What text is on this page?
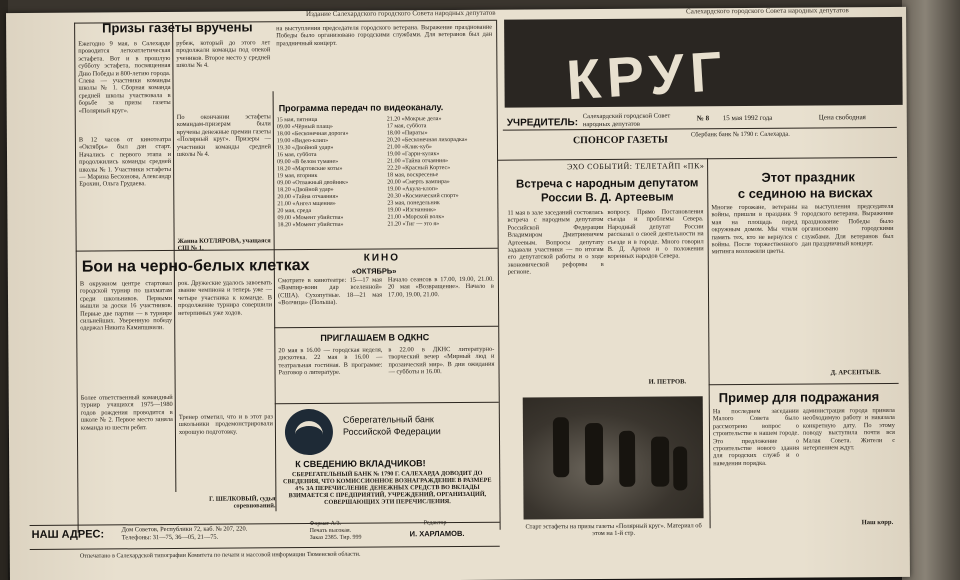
Издание Салехардского городского Совета народных депутатов	Салехардского городского Совета народных депутатов
Призы газеты вручены
Ежегодно 9 мая, в Салехарде проводится легкоатлетическая эстафета. Вот и в прошлую субботу эстафета, посвященная Дню Победы и 800-летию города. Слева — участники команды школы № 1. Сборная команда средней школы участвовала в борьбе за призы газеты «Полярный круг».
В 12 часов от кинотеатра «Октябрь» был дан старт. Начались с первого этапа и продолжились команды средней школы № 1. Участники эстафеты — Марина Бесхонова, Александр Ерохин, Ольга Грудаева.
рубеж, который до этого лет продолжали команды под опекой учеников. Второе место у средней школы № 4.
По окончании эстафеты командам-призерам были вручены денежные премии газеты «Полярный круг». Призеры — участники команды средней школы № 4.
Жанна КОТЛЯРОВА, учащаяся СШ № 1.
Бои на черно-белых клетках
В окружном центре стартовал городской турнир по шахматам среди школьников. Первыми вышли за доски 16 участников. Первые две партии — в турнире сильнейших. Уверенную победу одержал Никита Камипшвили.
Более ответственный командный турнир учащихся 1975—1980 годов рождения проводится в школе № 2. Первое место заняла команда из шести ребят.
рок. Дружеские удалось завоевать звание чемпиона и теперь уже — четыре участника к команде. В продолжение турнира совершили нетерпимых уже ходов.
Тренер отметил, что и в этот раз школьники продемонстрировали хорошую подготовку.
Г. ШЕЛКОВЫЙ, судья соревнований.
на выступления председателя городского ветерана. Выражение празднование Победы было организовано городскими службами. Для ветеранов был дан праздничный концерт.
Программа передач по видеоканалу.
15 мая, пятница
09.00 «Чёрный плащ»
18.00 «Бесконечная дорога»
19.00 «Видео-клип»
19.30 «Двойной удар»
16 мая, суббота
09.00 «В белом тумане»
18.20 «Мартовские коты»
19 мая, вторник
09.00 «Отважный двойник»
18.20 «Двойной удар»
20.00 «Тайна отчаяния»
21.00 «Ангел мщения»
20 мая, среда
09.00 «Момент убийства»
18.20 «Момент убийства»
21.20 «Мокрые дела»
17 мая, суббота
18.00 «Пираты»
20.20 «Бесконечная лихорадка»
21.00 «Клик-куб»
19.00 «Гарри-кулак»
21.00 «Тайна отчаяния»
22.20 «Красный Кортес»
18 мая, воскресенье
20.00 «Смерть вампира»
19.00 «Акула-клоп»
20.30 «Космический спорт»
23 мая, понедельник
19.00 «Изгнанник»
21.00 «Морской волк»
21.20 «Тиг — это я»
КИНО
«ОКТЯБРЬ»
Смотрите в кинотеатре: 15—17 мая «Вампир-воин дар вселенной» (США). Сухопутные. 18—21 мая «Волчица» (Польша).
Начало сеансов в 17.00, 19.00, 21.00. 20 мая «Возвращение». Начало в 17.00, 19.00, 21.00.
ПРИГЛАШАЕМ В ОДКНС
20 мая в 16.00 — городская неделя, дискотека. 22 мая в 16.00 — театральная гостиная. В программе: Разговор о литературе.
в 22.00 в ДКНС литературно-творческий вечер «Мирный люд и прозаический мир». В дни ожидания — субботы и 16.00.
Сберегательный банк
Российской Федерации
К СВЕДЕНИЮ ВКЛАДЧИКОВ!
СБЕРЕГАТЕЛЬНЫЙ БАНК № 1790 Г. САЛЕХАРДА ДОВОДИТ ДО СВЕДЕНИЯ, ЧТО КОМИССИОННОЕ ВОЗНАГРАЖДЕНИЕ В РАЗМЕРЕ 4% ЗА ПЕРЕЧИСЛЕНИЕ ДЕНЕЖНЫХ СРЕДСТВ ВО ВКЛАДЫ ВЗИМАЕТСЯ С ПРЕДПРИЯТИЙ, УЧРЕЖДЕНИЙ, ОРГАНИЗАЦИЙ, СОВЕРШАЮЩИХ ЭТИ ПЕРЕЧИСЛЕНИЯ.
НАШ АДРЕС:	Дом Советов, Республики 72, каб. № 207, 220.
Телефоны: 31—75, 36—05, 21—75.
Формат А/3.
Печать высокая.
Заказ 2385. Тир. 999
Редактор
И. ХАРЛАМОВ.
Отпечатано в Салехардской типографии Комитета по печати и массовой информации Тюменской области.
КРУГ
УЧРЕДИТЕЛЬ:
Салехардский городской Совет народных депутатов
№ 8 15 мая 1992 года	Цена свободная
СПОНСОР ГАЗЕТЫ
Сбербанк банк № 1790 г. Салехарда.
ЭХО СОБЫТИЙ: ТЕЛЕТАЙП «ПК»
Встреча с народным депутатом России В. Д. Артеевым
11 мая в зале заседаний состоялась встреча с народным депутатом Российской Федерации Владимиром Дмитриевичем Артеевым. Вопросы депутату задавали участники — по итогам его депутатской работы и о ходе экономической реформы в регионе.
вопросу. Прямо Постановления съезда и проблемы Севера. Народный депутат России рассказал о своей деятельности на съезде и в городе. Много говорил В. Д. Артеев и о положении коренных народов Севера.
И. ПЕТРОВ.
Старт эстафеты на призы газеты «Полярный круг». Материал об этом на 1-й стр.
Этот праздник
с сединою на висках
Многие горожане, ветераны войны, пришли в праздник 9 мая на площадь перед окружным домом. Мы чтили память тех, кто не вернулся с войны. После торжественного митинга возложили цветы.
на выступления председателя городского ветерана. Выражение празднование Победы было организовано городскими службами. Для ветеранов был дан праздничный концерт.
Д. АРСЕНТЬЕВ.
Пример для подражания
На последнем заседании Малого Совета было рассмотрено вопрос о строительстве в нашем городе. Это предложение о строительстве нового здания для городских служб и о наведении порядка.
администрация города приняла необходимую работу и наказала конкретную дату. По этому поводу выступила почти вся Малая Совета. Жители с нетерпением ждут.
Наш корр.
